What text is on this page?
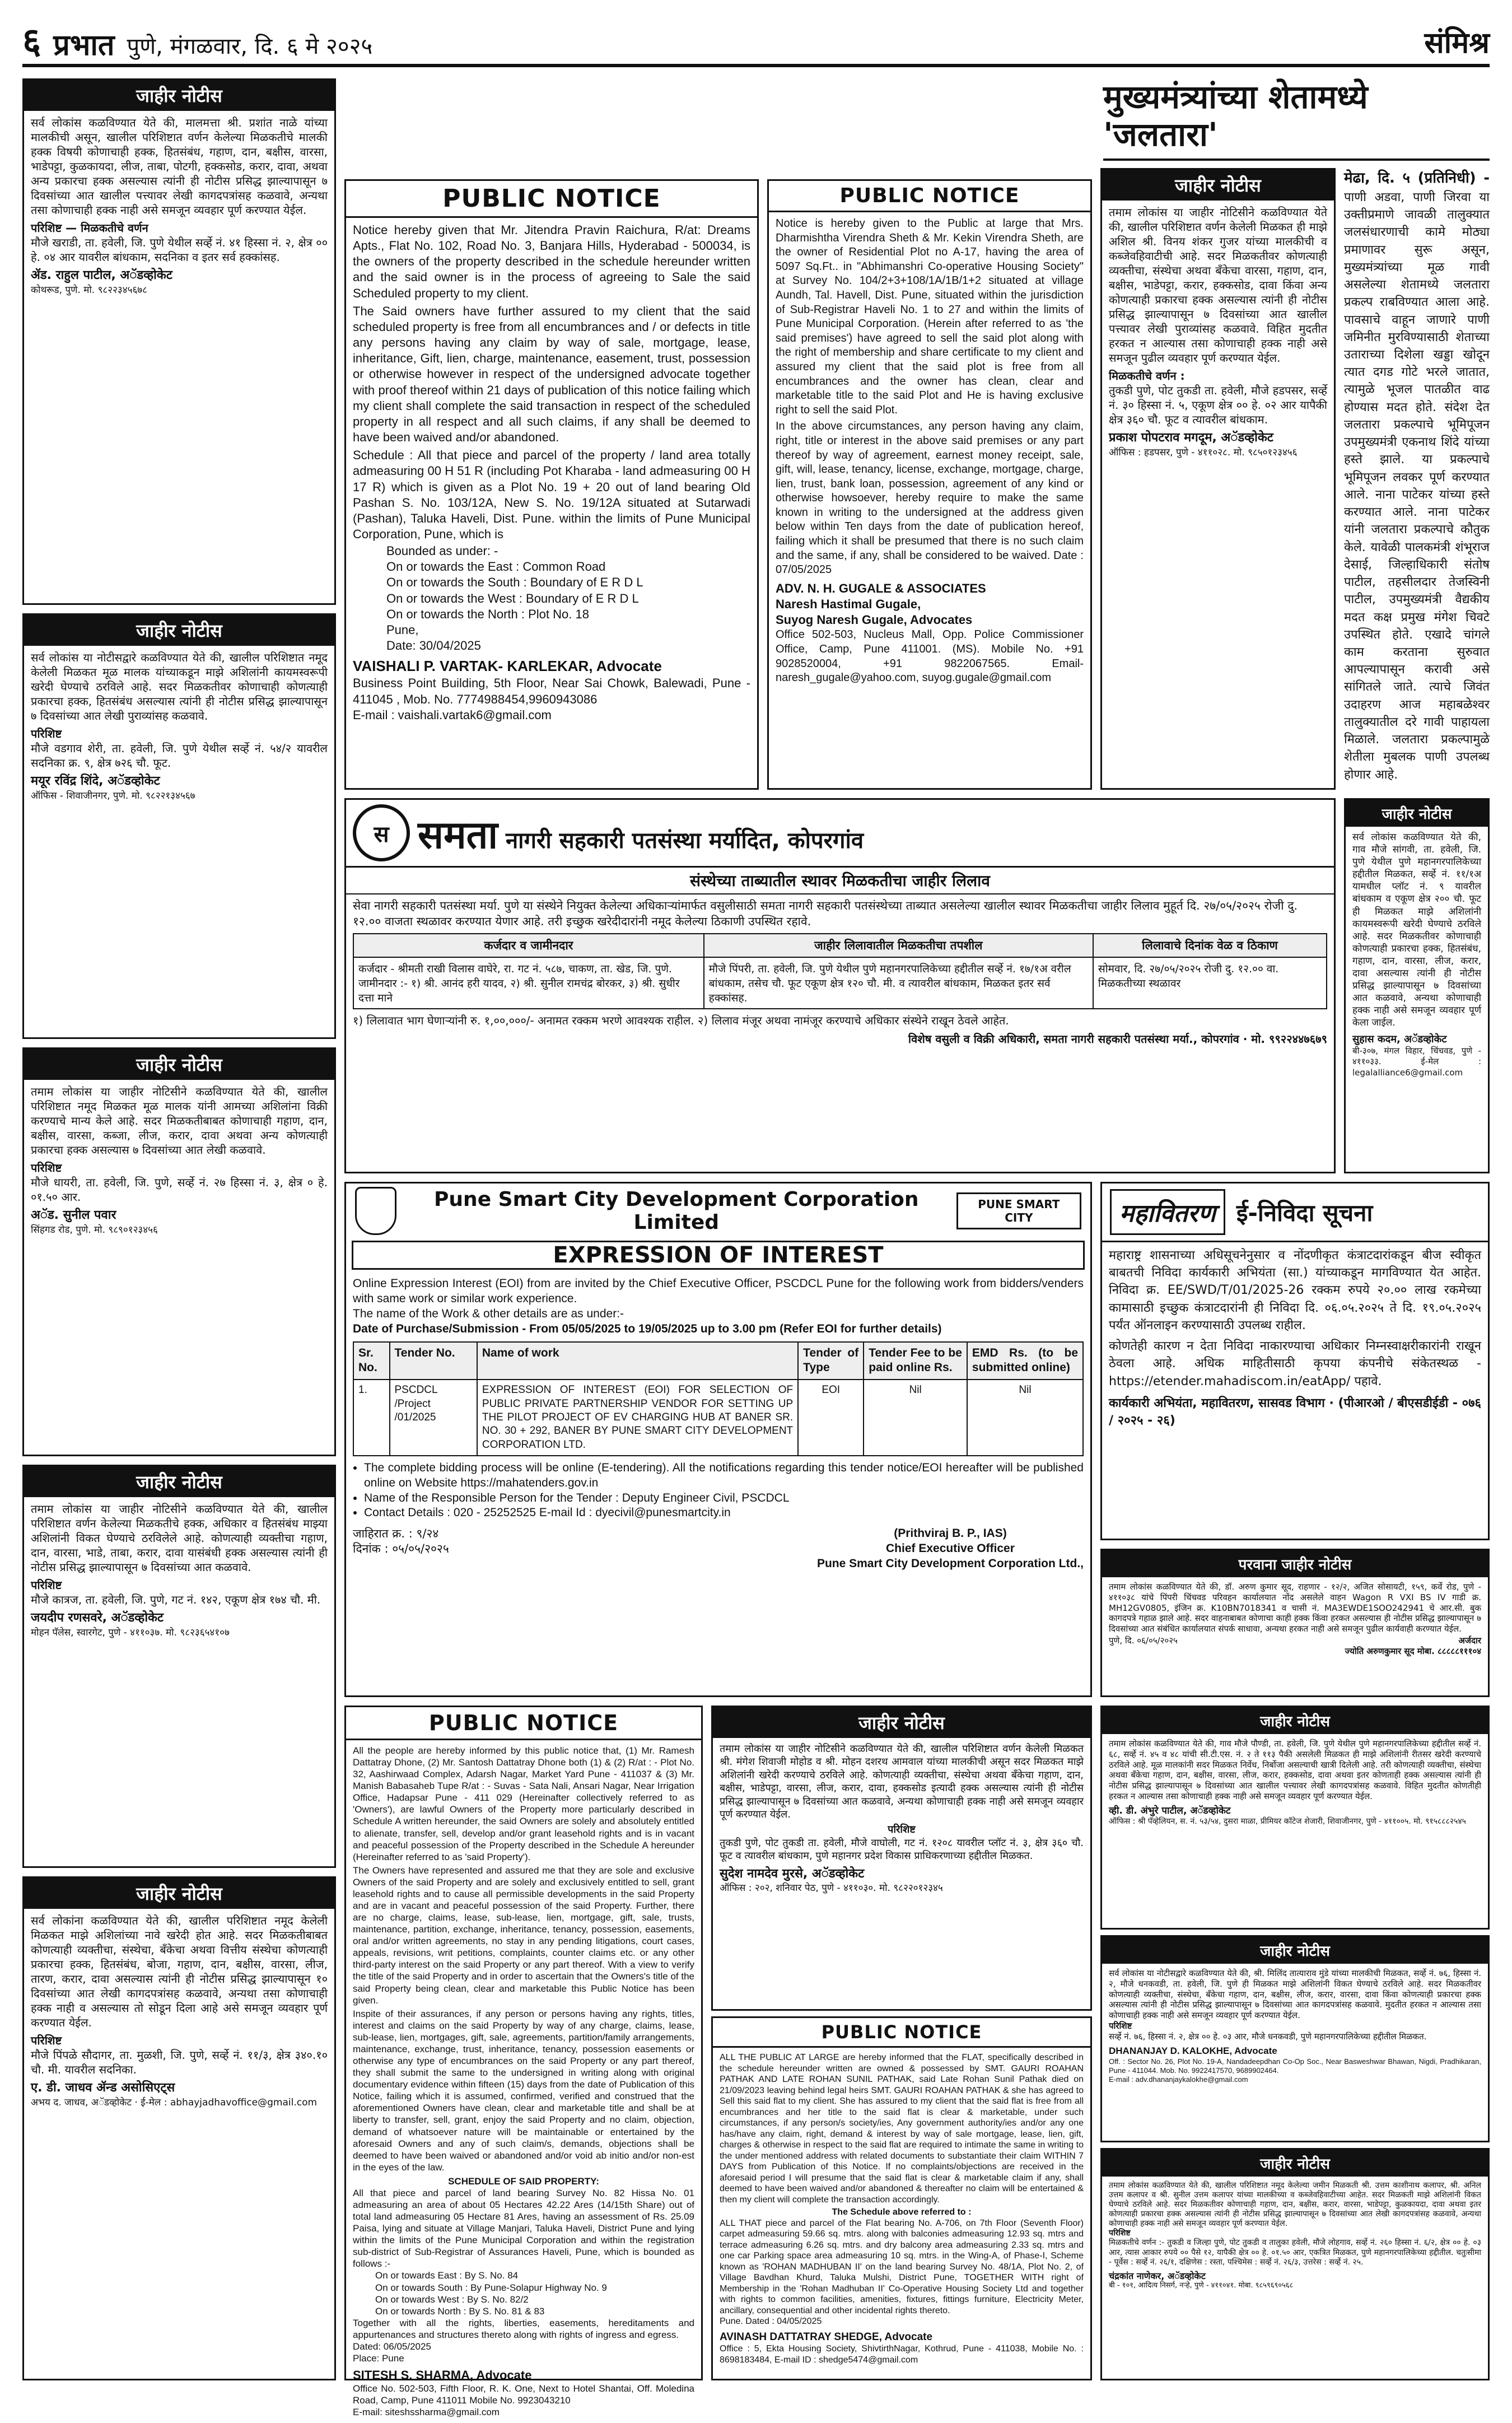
६ प्रभात पुणे, मंगळवार, दि. ६ मे २०२५	संमिश्र
जाहीर नोटीस
सर्व लोकांस कळविण्यात येते की, मालमत्ता श्री. प्रशांत नाळे यांच्या मालकीची असून, खालील परिशिष्टात वर्णन केलेल्या मिळकतीचे मालकी हक्क विषयी कोणाचाही हक्क, हितसंबंध, गहाण, दान, बक्षीस, वारसा, भाडेपट्टा, कुळकायदा, लीज, ताबा, पोटगी, हक्कसोड, करार, दावा, अथवा अन्य प्रकारचा हक्क असल्यास त्यांनी ही नोटीस प्रसिद्ध झाल्यापासून ७ दिवसांच्या आत खालील पत्त्यावर लेखी कागदपत्रांसह कळवावे, अन्यथा तसा कोणाचाही हक्क नाही असे समजून व्यवहार पूर्ण करण्यात येईल.
परिशिष्ट — मिळकतीचे वर्णन
मौजे खराडी, ता. हवेली, जि. पुणे येथील सर्व्हे नं. ४१ हिस्सा नं. २, क्षेत्र ०० हे. ०४ आर यावरील बांधकाम, सदनिका व इतर सर्व हक्कांसह.
ॲड. राहुल पाटील, अॅडव्होकेट
कोथरूड, पुणे. मो. ९८२२३४५६७८
जाहीर नोटीस
सर्व लोकांस या नोटीसद्वारे कळविण्यात येते की, खालील परिशिष्टात नमूद केलेली मिळकत मूळ मालक यांच्याकडून माझे अशिलांनी कायमस्वरूपी खरेदी घेण्याचे ठरविले आहे. सदर मिळकतीवर कोणाचाही कोणत्याही प्रकारचा हक्क, हितसंबंध असल्यास त्यांनी ही नोटीस प्रसिद्ध झाल्यापासून ७ दिवसांच्या आत लेखी पुराव्यांसह कळवावे.
परिशिष्ट
मौजे वडगाव शेरी, ता. हवेली, जि. पुणे येथील सर्व्हे नं. ५४/२ यावरील सदनिका क्र. ९, क्षेत्र ७२६ चौ. फूट.
मयूर रविंद्र शिंदे, अॅडव्होकेट
ऑफिस - शिवाजीनगर, पुणे. मो. ९८२२१३४५६७
जाहीर नोटीस
तमाम लोकांस या जाहीर नोटिसीने कळविण्यात येते की, खालील परिशिष्टात नमूद मिळकत मूळ मालक यांनी आमच्या अशिलांना विक्री करण्याचे मान्य केले आहे. सदर मिळकतीबाबत कोणाचाही गहाण, दान, बक्षीस, वारसा, कब्जा, लीज, करार, दावा अथवा अन्य कोणत्याही प्रकारचा हक्क असल्यास ७ दिवसांच्या आत लेखी कळवावे.
परिशिष्ट
मौजे धायरी, ता. हवेली, जि. पुणे, सर्व्हे नं. २७ हिस्सा नं. ३, क्षेत्र ० हे. ०१.५० आर.
अॅड. सुनील पवार
सिंहगड रोड, पुणे. मो. ९८९०१२३४५६
जाहीर नोटीस
तमाम लोकांस या जाहीर नोटिसीने कळविण्यात येते की, खालील परिशिष्टात वर्णन केलेल्या मिळकतीचे हक्क, अधिकार व हितसंबंध माझ्या अशिलांनी विकत घेण्याचे ठरविलेले आहे. कोणत्याही व्यक्तीचा गहाण, दान, वारसा, भाडे, ताबा, करार, दावा यासंबंधी हक्क असल्यास त्यांनी ही नोटीस प्रसिद्ध झाल्यापासून ७ दिवसांच्या आत कळवावे.
परिशिष्ट
मौजे कात्रज, ता. हवेली, जि. पुणे, गट नं. १४२, एकूण क्षेत्र १७४ चौ. मी.
जयदीप रणसवरे, अॅडव्होकेट
मोहन पॅलेस, स्वारगेट, पुणे - ४११०३७. मो. ९८२३६५४१०७
जाहीर नोटीस
सर्व लोकांना कळविण्यात येते की, खालील परिशिष्टात नमूद केलेली मिळकत माझे अशिलांच्या नावे खरेदी होत आहे. सदर मिळकतीबाबत कोणत्याही व्यक्तीचा, संस्थेचा, बँकेचा अथवा वित्तीय संस्थेचा कोणत्याही प्रकारचा हक्क, हितसंबंध, बोजा, गहाण, दान, बक्षीस, वारसा, लीज, तारण, करार, दावा असल्यास त्यांनी ही नोटीस प्रसिद्ध झाल्यापासून १० दिवसांच्या आत लेखी कागदपत्रांसह कळवावे, अन्यथा तसा कोणाचाही हक्क नाही व असल्यास तो सोडून दिला आहे असे समजून व्यवहार पूर्ण करण्यात येईल.
परिशिष्ट
मौजे पिंपळे सौदागर, ता. मुळशी, जि. पुणे, सर्व्हे नं. ११/३, क्षेत्र ३४०.१० चौ. मी. यावरील सदनिका.
ए. डी. जाधव ॲन्ड असोसिएट्स
अभय द. जाधव, अॅडव्होकेट · ई-मेल : abhayjadhavoffice@gmail.com
PUBLIC NOTICE
Notice hereby given that Mr. Jitendra Pravin Raichura, R/at: Dreams Apts., Flat No. 102, Road No. 3, Banjara Hills, Hyderabad - 500034, is the owners of the property described in the schedule hereunder written and the said owner is in the process of agreeing to Sale the said Scheduled property to my client.
The Said owners have further assured to my client that the said scheduled property is free from all encumbrances and / or defects in title any persons having any claim by way of sale, mortgage, lease, inheritance, Gift, lien, charge, maintenance, easement, trust, possession or otherwise however in respect of the undersigned advocate together with proof thereof within 21 days of publication of this notice failing which my client shall complete the said transaction in respect of the scheduled property in all respect and all such claims, if any shall be deemed to have been waived and/or abandoned.
Schedule : All that piece and parcel of the property / land area totally admeasuring 00 H 51 R (including Pot Kharaba - land admeasuring 00 H 17 R) which is given as a Plot No. 19 + 20 out of land bearing Old Pashan S. No. 103/12A, New S. No. 19/12A situated at Sutarwadi (Pashan), Taluka Haveli, Dist. Pune. within the limits of Pune Municipal Corporation, Pune, which is
Bounded as under: -
On or towards the East : Common Road
On or towards the South : Boundary of E R D L
On or towards the West : Boundary of E R D L
On or towards the North : Plot No. 18
Pune,
Date: 30/04/2025
VAISHALI P. VARTAK- KARLEKAR, Advocate
Business Point Building, 5th Floor, Near Sai Chowk, Balewadi, Pune - 411045 , Mob. No. 7774988454,9960943086
E-mail : vaishali.vartak6@gmail.com
PUBLIC NOTICE
Notice is hereby given to the Public at large that Mrs. Dharmishtha Virendra Sheth & Mr. Kekin Virendra Sheth, are the owner of Residential Plot no A-17, having the area of 5097 Sq.Ft.. in "Abhimanshri Co-operative Housing Society" at Survey No. 104/2+3+108/1A/1B/1+2 situated at village Aundh, Tal. Havell, Dist. Pune, situated within the jurisdiction of Sub-Registrar Haveli No. 1 to 27 and within the limits of Pune Municipal Corporation. (Herein after referred to as 'the said premises') have agreed to sell the said plot along with the right of membership and share certificate to my client and assured my client that the said plot is free from all encumbrances and the owner has clean, clear and marketable title to the said Plot and He is having exclusive right to sell the said Plot.
In the above circumstances, any person having any claim, right, title or interest in the above said premises or any part thereof by way of agreement, earnest money receipt, sale, gift, will, lease, tenancy, license, exchange, mortgage, charge, lien, trust, bank loan, possession, agreement of any kind or otherwise howsoever, hereby require to make the same known in writing to the undersigned at the address given below within Ten days from the date of publication hereof, failing which it shall be presumed that there is no such claim and the same, if any, shall be considered to be waived. Date : 07/05/2025
ADV. N. H. GUGALE & ASSOCIATES
Naresh Hastimal Gugale,
Suyog Naresh Gugale, Advocates
Office 502-503, Nucleus Mall, Opp. Police Commissioner Office, Camp, Pune 411001. (MS). Mobile No. +91 9028520004, +91 9822067565. Email- naresh_gugale@yahoo.com, suyog.gugale@gmail.com
जाहीर नोटीस
तमाम लोकांस या जाहीर नोटिसीने कळविण्यात येते की, खालील परिशिष्टात वर्णन केलेली मिळकत ही माझे अशिल श्री. विनय शंकर गुजर यांच्या मालकीची व कब्जेवहिवाटीची आहे. सदर मिळकतीवर कोणत्याही व्यक्तीचा, संस्थेचा अथवा बँकेचा वारसा, गहाण, दान, बक्षीस, भाडेपट्टा, करार, हक्कसोड, दावा किंवा अन्य कोणत्याही प्रकारचा हक्क असल्यास त्यांनी ही नोटीस प्रसिद्ध झाल्यापासून ७ दिवसांच्या आत खालील पत्त्यावर लेखी पुराव्यांसह कळवावे. विहित मुदतीत हरकत न आल्यास तसा कोणाचाही हक्क नाही असे समजून पुढील व्यवहार पूर्ण करण्यात येईल.
मिळकतीचे वर्णन :
तुकडी पुणे, पोट तुकडी ता. हवेली, मौजे हडपसर, सर्व्हे नं. ३० हिस्सा नं. ५, एकूण क्षेत्र ०० हे. ०२ आर यापैकी क्षेत्र ३६० चौ. फूट व त्यावरील बांधकाम.
प्रकाश पोपटराव मगदूम, अॅडव्होकेट
ऑफिस : हडपसर, पुणे - ४११०२८. मो. ९८५०१२३४५६
मुख्यमंत्र्यांच्या शेतामध्ये 'जलतारा'
मेढा, दि. ५ (प्रतिनिधी) - पाणी अडवा, पाणी जिरवा या उक्तीप्रमाणे जावळी तालुक्यात जलसंधारणाची कामे मोठ्या प्रमाणावर सुरू असून, मुख्यमंत्र्यांच्या मूळ गावी असलेल्या शेतामध्ये जलतारा प्रकल्प राबविण्यात आला आहे. पावसाचे वाहून जाणारे पाणी जमिनीत मुरविण्यासाठी शेताच्या उताराच्या दिशेला खड्डा खोदून त्यात दगड गोटे भरले जातात, त्यामुळे भूजल पातळीत वाढ होण्यास मदत होते. संदेश देत जलतारा प्रकल्पाचे भूमिपूजन उपमुख्यमंत्री एकनाथ शिंदे यांच्या हस्ते झाले. या प्रकल्पाचे भूमिपूजन लवकर पूर्ण करण्यात आले. नाना पाटेकर यांच्या हस्ते करण्यात आले. नाना पाटेकर यांनी जलतारा प्रकल्पाचे कौतुक केले. यावेळी पालकमंत्री शंभूराज देसाई, जिल्हाधिकारी संतोष पाटील, तहसीलदार तेजस्विनी पाटील, उपमुख्यमंत्री वैद्यकीय मदत कक्ष प्रमुख मंगेश चिवटे उपस्थित होते. एखादे चांगले काम करताना सुरुवात आपल्यापासून करावी असे सांगितले जाते. त्याचे जिवंत उदाहरण आज महाबळेश्वर तालुक्यातील दरे गावी पाहायला मिळाले. जलतारा प्रकल्पामुळे शेतीला मुबलक पाणी उपलब्ध होणार आहे.
स समता नागरी सहकारी पतसंस्था मर्यादित, कोपरगांव
संस्थेच्या ताब्यातील स्थावर मिळकतीचा जाहीर लिलाव
सेवा नागरी सहकारी पतसंस्था मर्या. पुणे या संस्थेने नियुक्त केलेल्या अधिकाऱ्यांमार्फत वसुलीसाठी समता नागरी सहकारी पतसंस्थेच्या ताब्यात असलेल्या खालील स्थावर मिळकतीचा जाहीर लिलाव मुहूर्त दि. २७/०५/२०२५ रोजी दु. १२.०० वाजता स्थळावर करण्यात येणार आहे. तरी इच्छुक खरेदीदारांनी नमूद केलेल्या ठिकाणी उपस्थित रहावे.
कर्जदार व जामीनदार	जाहीर लिलावातील मिळकतीचा तपशील	लिलावाचे दिनांक वेळ व ठिकाण
कर्जदार - श्रीमती राखी विलास वाघेरे, रा. गट नं. ५८७, चाकण, ता. खेड, जि. पुणे. जामीनदार :- १) श्री. आनंद हरी यादव, २) श्री. सुनील रामचंद्र बोरकर, ३) श्री. सुधीर दत्ता माने	मौजे पिंपरी, ता. हवेली, जि. पुणे येथील पुणे महानगरपालिकेच्या हद्दीतील सर्व्हे नं. १७/१अ वरील बांधकाम, तसेच चौ. फूट एकूण क्षेत्र १२० चौ. मी. व त्यावरील बांधकाम, मिळकत इतर सर्व हक्कांसह.	सोमवार, दि. २७/०५/२०२५ रोजी दु. १२.०० वा. मिळकतीच्या स्थळावर
१) लिलावात भाग घेणाऱ्यांनी रु. १,००,०००/- अनामत रक्कम भरणे आवश्यक राहील. २) लिलाव मंजूर अथवा नामंजूर करण्याचे अधिकार संस्थेने राखून ठेवले आहेत.
विशेष वसुली व विक्री अधिकारी, समता नागरी सहकारी पतसंस्था मर्या., कोपरगांव · मो. ९९२२४४७६७९
जाहीर नोटीस
सर्व लोकांस कळविण्यात येते की, गाव मौजे सांगवी, ता. हवेली, जि. पुणे येथील पुणे महानगरपालिकेच्या हद्दीतील मिळकत, सर्व्हे नं. ११/१अ यामधील प्लॉट नं. ९ यावरील बांधकाम व एकूण क्षेत्र २०० चौ. फूट ही मिळकत माझे अशिलांनी कायमस्वरूपी खरेदी घेण्याचे ठरविले आहे. सदर मिळकतीवर कोणाचाही कोणत्याही प्रकारचा हक्क, हितसंबंध, गहाण, दान, वारसा, लीज, करार, दावा असल्यास त्यांनी ही नोटीस प्रसिद्ध झाल्यापासून ७ दिवसांच्या आत कळवावे, अन्यथा कोणाचाही हक्क नाही असे समजून व्यवहार पूर्ण केला जाईल.
सुहास कदम, अॅडव्होकेट
बी-३०७, मंगल विहार, चिंचवड, पुणे - ४११०३३. ई-मेल : legalalliance6@gmail.com
महावितरण ई-निविदा सूचना
महाराष्ट्र शासनाच्या अधिसूचनेनुसार व नोंदणीकृत कंत्राटदारांकडून बीज स्वीकृत बाबतची निविदा कार्यकारी अभियंता (सा.) यांच्याकडून मागविण्यात येत आहेत. निविदा क्र. EE/SWD/T/01/2025-26 रक्कम रुपये २०.०० लाख रकमेच्या कामासाठी इच्छुक कंत्राटदारांनी ही निविदा दि. ०६.०५.२०२५ ते दि. १९.०५.२०२५ पर्यंत ऑनलाइन करण्यासाठी उपलब्ध राहील.
कोणतेही कारण न देता निविदा नाकारण्याचा अधिकार निम्नस्वाक्षरीकारांनी राखून ठेवला आहे. अधिक माहितीसाठी कृपया कंपनीचे संकेतस्थळ - https://etender.mahadiscom.in/eatApp/ पहावे.
कार्यकारी अभियंता, महावितरण, सासवड विभाग · (पीआरओ / बीएसडीईडी - ०७६ / २०२५ - २६)
Pune Smart City Development Corporation Limited
PUNE SMART CITY
EXPRESSION OF INTEREST
Online Expression Interest (EOI) from are invited by the Chief Executive Officer, PSCDCL Pune for the following work from bidders/venders with same work or similar work experience.
The name of the Work & other details are as under:-
Date of Purchase/Submission - From 05/05/2025 to 19/05/2025 up to 3.00 pm (Refer EOI for further details)
Sr. No.	Tender No.	Name of work	Tender of Type	Tender Fee to be paid online Rs.	EMD Rs. (to be submitted online)
1.	PSCDCL /Project /01/2025	EXPRESSION OF INTEREST (EOI) FOR SELECTION OF PUBLIC PRIVATE PARTNERSHIP VENDOR FOR SETTING UP THE PILOT PROJECT OF EV CHARGING HUB AT BANER SR. NO. 30 + 292, BANER BY PUNE SMART CITY DEVELOPMENT CORPORATION LTD.	EOI	Nil	Nil
• The complete bidding process will be online (E-tendering). All the notifications regarding this tender notice/EOI hereafter will be published online on Website https://mahatenders.gov.in
• Name of the Responsible Person for the Tender : Deputy Engineer Civil, PSCDCL
• Contact Details : 020 - 25252525 E-mail Id : dyecivil@punesmartcity.in
जाहिरात क्र. : ९/२४
दिनांक : ०५/०५/२०२५
(Prithviraj B. P., IAS)
Chief Executive Officer
Pune Smart City Development Corporation Ltd.,	परवाना जाहीर नोटीस
तमाम लोकांस कळविण्यात येते की, डॉ. अरुण कुमार सूद, राहणार - १२/२, अजित सोसायटी, १५९, कर्वे रोड, पुणे - ४११०३८ यांचे पिंपरी चिंचवड परिवहन कार्यालयात नोंद असलेले वाहन Wagon R VXI BS IV गाडी क्र. MH12GV0805, इंजिन क्र. K10BN7018341 व चासी नं. MA3EWDE1SOO242941 चे आर.सी. बुक कागदपत्रे गहाळ झाले आहे. सदर वाहनाबाबत कोणाचा काही हक्क किंवा हरकत असल्यास ही नोटीस प्रसिद्ध झाल्यापासून ७ दिवसांच्या आत संबंधित कार्यालयात संपर्क साधावा, अन्यथा हरकत नाही असे समजून पुढील कार्यवाही करण्यात येईल.
पुणे, दि. ०६/०५/२०२५	अर्जदार
ज्योति अरुणकुमार सूद मोबा. ८८८८८१११०४
PUBLIC NOTICE
All the people are hereby informed by this public notice that, (1) Mr. Ramesh Dattatray Dhone, (2) Mr. Santosh Dattatray Dhone both (1) & (2) R/at : - Plot No. 32, Aashirwaad Complex, Adarsh Nagar, Market Yard Pune - 411037 & (3) Mr. Manish Babasaheb Tupe R/at : - Suvas - Sata Nali, Ansari Nagar, Near Irrigation Office, Hadapsar Pune - 411 029 (Hereinafter collectively referred to as 'Owners'), are lawful Owners of the Property more particularly described in Schedule A written hereunder, the said Owners are solely and absolutely entitled to alienate, transfer, sell, develop and/or grant leasehold rights and is in vacant and peaceful possession of the Property described in the Schedule A hereunder (Hereinafter referred to as 'said Property').
The Owners have represented and assured me that they are sole and exclusive Owners of the said Property and are solely and exclusively entitled to sell, grant leasehold rights and to cause all permissible developments in the said Property and are in vacant and peaceful possession of the said Property. Further, there are no charge, claims, lease, sub-lease, lien, mortgage, gift, sale, trusts, maintenance, partition, exchange, inheritance, tenancy, possession, easements, oral and/or written agreements, no stay in any pending litigations, court cases, appeals, revisions, writ petitions, complaints, counter claims etc. or any other third-party interest on the said Property or any part thereof. With a view to verify the title of the said Property and in order to ascertain that the Owners's title of the said Property being clean, clear and marketable this Public Notice has been given.
Inspite of their assurances, if any person or persons having any rights, titles, interest and claims on the said Property by way of any charge, claims, lease, sub-lease, lien, mortgages, gift, sale, agreements, partition/family arrangements, maintenance, exchange, trust, inheritance, tenancy, possession easements or otherwise any type of encumbrances on the said Property or any part thereof, they shall submit the same to the undersigned in writing along with original documentary evidence within fifteen (15) days from the date of Publication of this Notice, failing which it is assumed, confirmed, verified and construed that the aforementioned Owners have clean, clear and marketable title and shall be at liberty to transfer, sell, grant, enjoy the said Property and no claim, objection, demand of whatsoever nature will be maintainable or entertained by the aforesaid Owners and any of such claim/s, demands, objections shall be deemed to have been waived or abandoned and/or void ab initio and/or non-est in the eyes of the law.
SCHEDULE OF SAID PROPERTY:
All that piece and parcel of land bearing Survey No. 82 Hissa No. 01 admeasuring an area of about 05 Hectares 42.22 Ares (14/15th Share) out of total land admeasuring 05 Hectare 81 Ares, having an assessment of Rs. 25.09 Paisa, lying and situate at Village Manjari, Taluka Haveli, District Pune and lying within the limits of the Pune Municipal Corporation and within the registration sub-district of Sub-Registrar of Assurances Haveli, Pune, which is bounded as follows :-
On or towards East : By S. No. 84
On or towards South : By Pune-Solapur Highway No. 9
On or towards West : By S. No. 82/2
On or towards North : By S. No. 81 & 83
Together with all the rights, liberties, easements, hereditaments and appurtenances and structures thereto along with rights of ingress and egress.
Dated: 06/05/2025
Place: Pune
SITESH S. SHARMA, Advocate
Office No. 502-503, Fifth Floor, R. K. One, Next to Hotel Shantai, Off. Moledina Road, Camp, Pune 411011 Mobile No. 9923043210
E-mail: siteshssharma@gmail.com
जाहीर नोटीस
तमाम लोकांस या जाहीर नोटिसीने कळविण्यात येते की, खालील परिशिष्टात वर्णन केलेली मिळकत श्री. मंगेश शिवाजी मोहोड व श्री. मोहन दशरथ आमवाल यांच्या मालकीची असून सदर मिळकत माझे अशिलांनी खरेदी करण्याचे ठरविले आहे. कोणत्याही व्यक्तीचा, संस्थेचा अथवा बँकेचा गहाण, दान, बक्षीस, भाडेपट्टा, वारसा, लीज, करार, दावा, हक्कसोड इत्यादी हक्क असल्यास त्यांनी ही नोटीस प्रसिद्ध झाल्यापासून ७ दिवसांच्या आत कळवावे, अन्यथा कोणाचाही हक्क नाही असे समजून व्यवहार पूर्ण करण्यात येईल.
परिशिष्ट
तुकडी पुणे, पोट तुकडी ता. हवेली, मौजे वाघोली, गट नं. १२०८ यावरील प्लॉट नं. ३, क्षेत्र ३६० चौ. फूट व त्यावरील बांधकाम, पुणे महानगर प्रदेश विकास प्राधिकरणाच्या हद्दीतील मिळकत.
सुदेश नामदेव मुरसे, अॅडव्होकेट
ऑफिस : २०२, शनिवार पेठ, पुणे - ४११०३०. मो. ९८२२०१२३४५
PUBLIC NOTICE
ALL THE PUBLIC AT LARGE are hereby informed that the FLAT, specifically described in the schedule hereunder written are owned & possessed by SMT. GAURI ROAHAN PATHAK AND LATE ROHAN SUNIL PATHAK, said Late Rohan Sunil Pathak died on 21/09/2023 leaving behind legal heirs SMT. GAURI ROAHAN PATHAK & she has agreed to Sell this said flat to my client. She has assured to my client that the said flat is free from all encumbrances and her title to the said flat is clear & marketable, under such circumstances, if any person/s society/ies, Any government authority/ies and/or any one has/have any claim, right, demand & interest by way of sale mortgage, lease, lien, gift, charges & otherwise in respect to the said flat are required to intimate the same in writing to the under mentioned address with related documents to substantiate their claim WITHIN 7 DAYS from Publication of this Notice. If no complaints/objections are received in the aforesaid period I will presume that the said flat is clear & marketable claim if any, shall deemed to have been waived and/or abandoned & thereafter no claim will be entertained & then my client will complete the transaction accordingly.
The Schedule above referred to :
ALL THAT piece and parcel of the Flat bearing No. A-706, on 7th Floor (Seventh Floor) carpet admeasuring 59.66 sq. mtrs. along with balconies admeasuring 12.93 sq. mtrs and terrace admeasuring 6.26 sq. mtrs. and dry balcony area admeasuring 2.33 sq. mtrs and one car Parking space area admeasuring 10 sq. mtrs. in the Wing-A, of Phase-I, Scheme known as 'ROHAN MADHUBAN II' on the land bearing Survey No. 48/1A, Plot No. 2, of Village Bavdhan Khurd, Taluka Mulshi, District Pune, TOGETHER WITH right of Membership in the 'Rohan Madhuban II' Co-Operative Housing Society Ltd and together with rights to common facilities, amenities, fixtures, fittings furniture, Electricity Meter, ancillary, consequential and other incidental rights thereto.
Pune. Dated : 04/05/2025
AVINASH DATTATRAY SHEDGE, Advocate
Office : 5, Ekta Housing Society, ShivtirthNagar, Kothrud, Pune - 411038, Mobile No. : 8698183484, E-mail ID : shedge5474@gmail.com
जाहीर नोटीस
तमाम लोकांस कळविण्यात येते की, गाव मौजे पौण्डी, ता. हवेली, जि. पुणे येथील पुणे महानगरपालिकेच्या हद्दीतील सर्व्हे नं. ६८, सर्व्हे नं. ४५ व ४८ यांची सी.टी.एस. नं. २ ते ११३ पैकी असलेली मिळकत ही माझे अशिलांनी रीतसर खरेदी करण्याचे ठरविले आहे. मूळ मालकांनी सदर मिळकत निर्वेध, निर्बोजा असल्याची खात्री दिलेली आहे. तरी कोणत्याही व्यक्तीचा, संस्थेचा अथवा बँकेचा गहाण, दान, बक्षीस, वारसा, लीज, करार, हक्कसोड, दावा अथवा इतर कोणताही हक्क असल्यास त्यांनी ही नोटीस प्रसिद्ध झाल्यापासून ७ दिवसांच्या आत खालील पत्त्यावर लेखी कागदपत्रांसह कळवावे. विहित मुदतीत कोणतीही हरकत न आल्यास तसा कोणाचाही हक्क नाही असे समजून व्यवहार पूर्ण करण्यात येईल.
व्ही. डी. अंभुरे पाटील, अॅडव्होकेट
ऑफिस : श्री पॅव्हेलियन, स. नं. ५३/५४, दुसरा माळा, प्रीमियर कॉटेज शेजारी, शिवाजीनगर, पुणे - ४११००५. मो. ९१५८८८२५४५
जाहीर नोटीस
सर्व लोकांस या नोटीसद्वारे कळविण्यात येते की, श्री. मिलिंद तात्याराव मुंडे यांच्या मालकीची मिळकत, सर्व्हे नं. ७६, हिस्सा नं. २, मौजे धनकवडी, ता. हवेली, जि. पुणे ही मिळकत माझे अशिलांनी विकत घेण्याचे ठरविले आहे. सदर मिळकतीवर कोणत्याही व्यक्तीचा, संस्थेचा, बँकेचा गहाण, दान, बक्षीस, लीज, करार, वारसा, दावा किंवा कोणत्याही प्रकारचा हक्क असल्यास त्यांनी ही नोटीस प्रसिद्ध झाल्यापासून ७ दिवसांच्या आत कागदपत्रांसह कळवावे. मुदतीत हरकत न आल्यास तसा कोणाचाही हक्क नाही असे समजून व्यवहार पूर्ण करण्यात येईल.
परिशिष्ट
सर्व्हे नं. ७६, हिस्सा नं. २, क्षेत्र ०० हे. ०३ आर, मौजे धनकवडी, पुणे महानगरपालिकेच्या हद्दीतील मिळकत.
DHANANJAY D. KALOKHE, Advocate
Off. : Sector No. 26, Plot No. 19-A, Nandadeepdhan Co-Op Soc., Near Basweshwar Bhawan, Nigdi, Pradhikaran, Pune - 411044. Mob. No. 9922417570, 9689902464.
E-mail : adv.dhananjaykalokhe@gmail.com
जाहीर नोटीस
तमाम लोकांस कळविण्यात येते की, खालील परिशिष्टात नमूद केलेल्या जमीन मिळकती श्री. उत्तम काशीनाथ कलापर, श्री. अनिल उत्तम कलापर व श्री. सुनील उत्तम कलापर यांच्या मालकीच्या व कब्जेवहिवाटीच्या आहेत. सदर मिळकती माझे अशिलांनी विकत घेण्याचे ठरविले आहे. सदर मिळकतीवर कोणाचाही गहाण, दान, बक्षीस, करार, वारसा, भाडेपट्टा, कुळकायदा, दावा अथवा इतर कोणत्याही प्रकारचा हक्क असल्यास त्यांनी ही नोटीस प्रसिद्ध झाल्यापासून ७ दिवसांच्या आत लेखी कागदपत्रांसह कळवावे, अन्यथा कोणाचाही हक्क नाही असे समजून व्यवहार पूर्ण करण्यात येईल.
परिशिष्ट
मिळकतीचे वर्णन :- तुकडी व जिल्हा पुणे, पोट तुकडी व तालुका हवेली, मौजे लोहगाव, सर्व्हे नं. २६० हिस्सा नं. ६/२, क्षेत्र ०० हे. ०३ आर, त्यास आकार रुपये ०० पैसे १२, यापैकी क्षेत्र ०० हे. ०१.५० आर, एकत्रित मिळकत, पुणे महानगरपालिकेच्या हद्दीतील. चतुःसीमा - पूर्वेस : सर्व्हे नं. २६/१, दक्षिणेस : रस्ता, पश्चिमेस : सर्व्हे नं. २६/३, उत्तरेस : सर्व्हे नं. २५.
चंद्रकांत नाणेकर, अॅडव्होकेट
बी - १०१, आदित्य निसर्ग, नऱ्हे, पुणे - ४११०४१. मोबा. ९८५९६९०५६८
